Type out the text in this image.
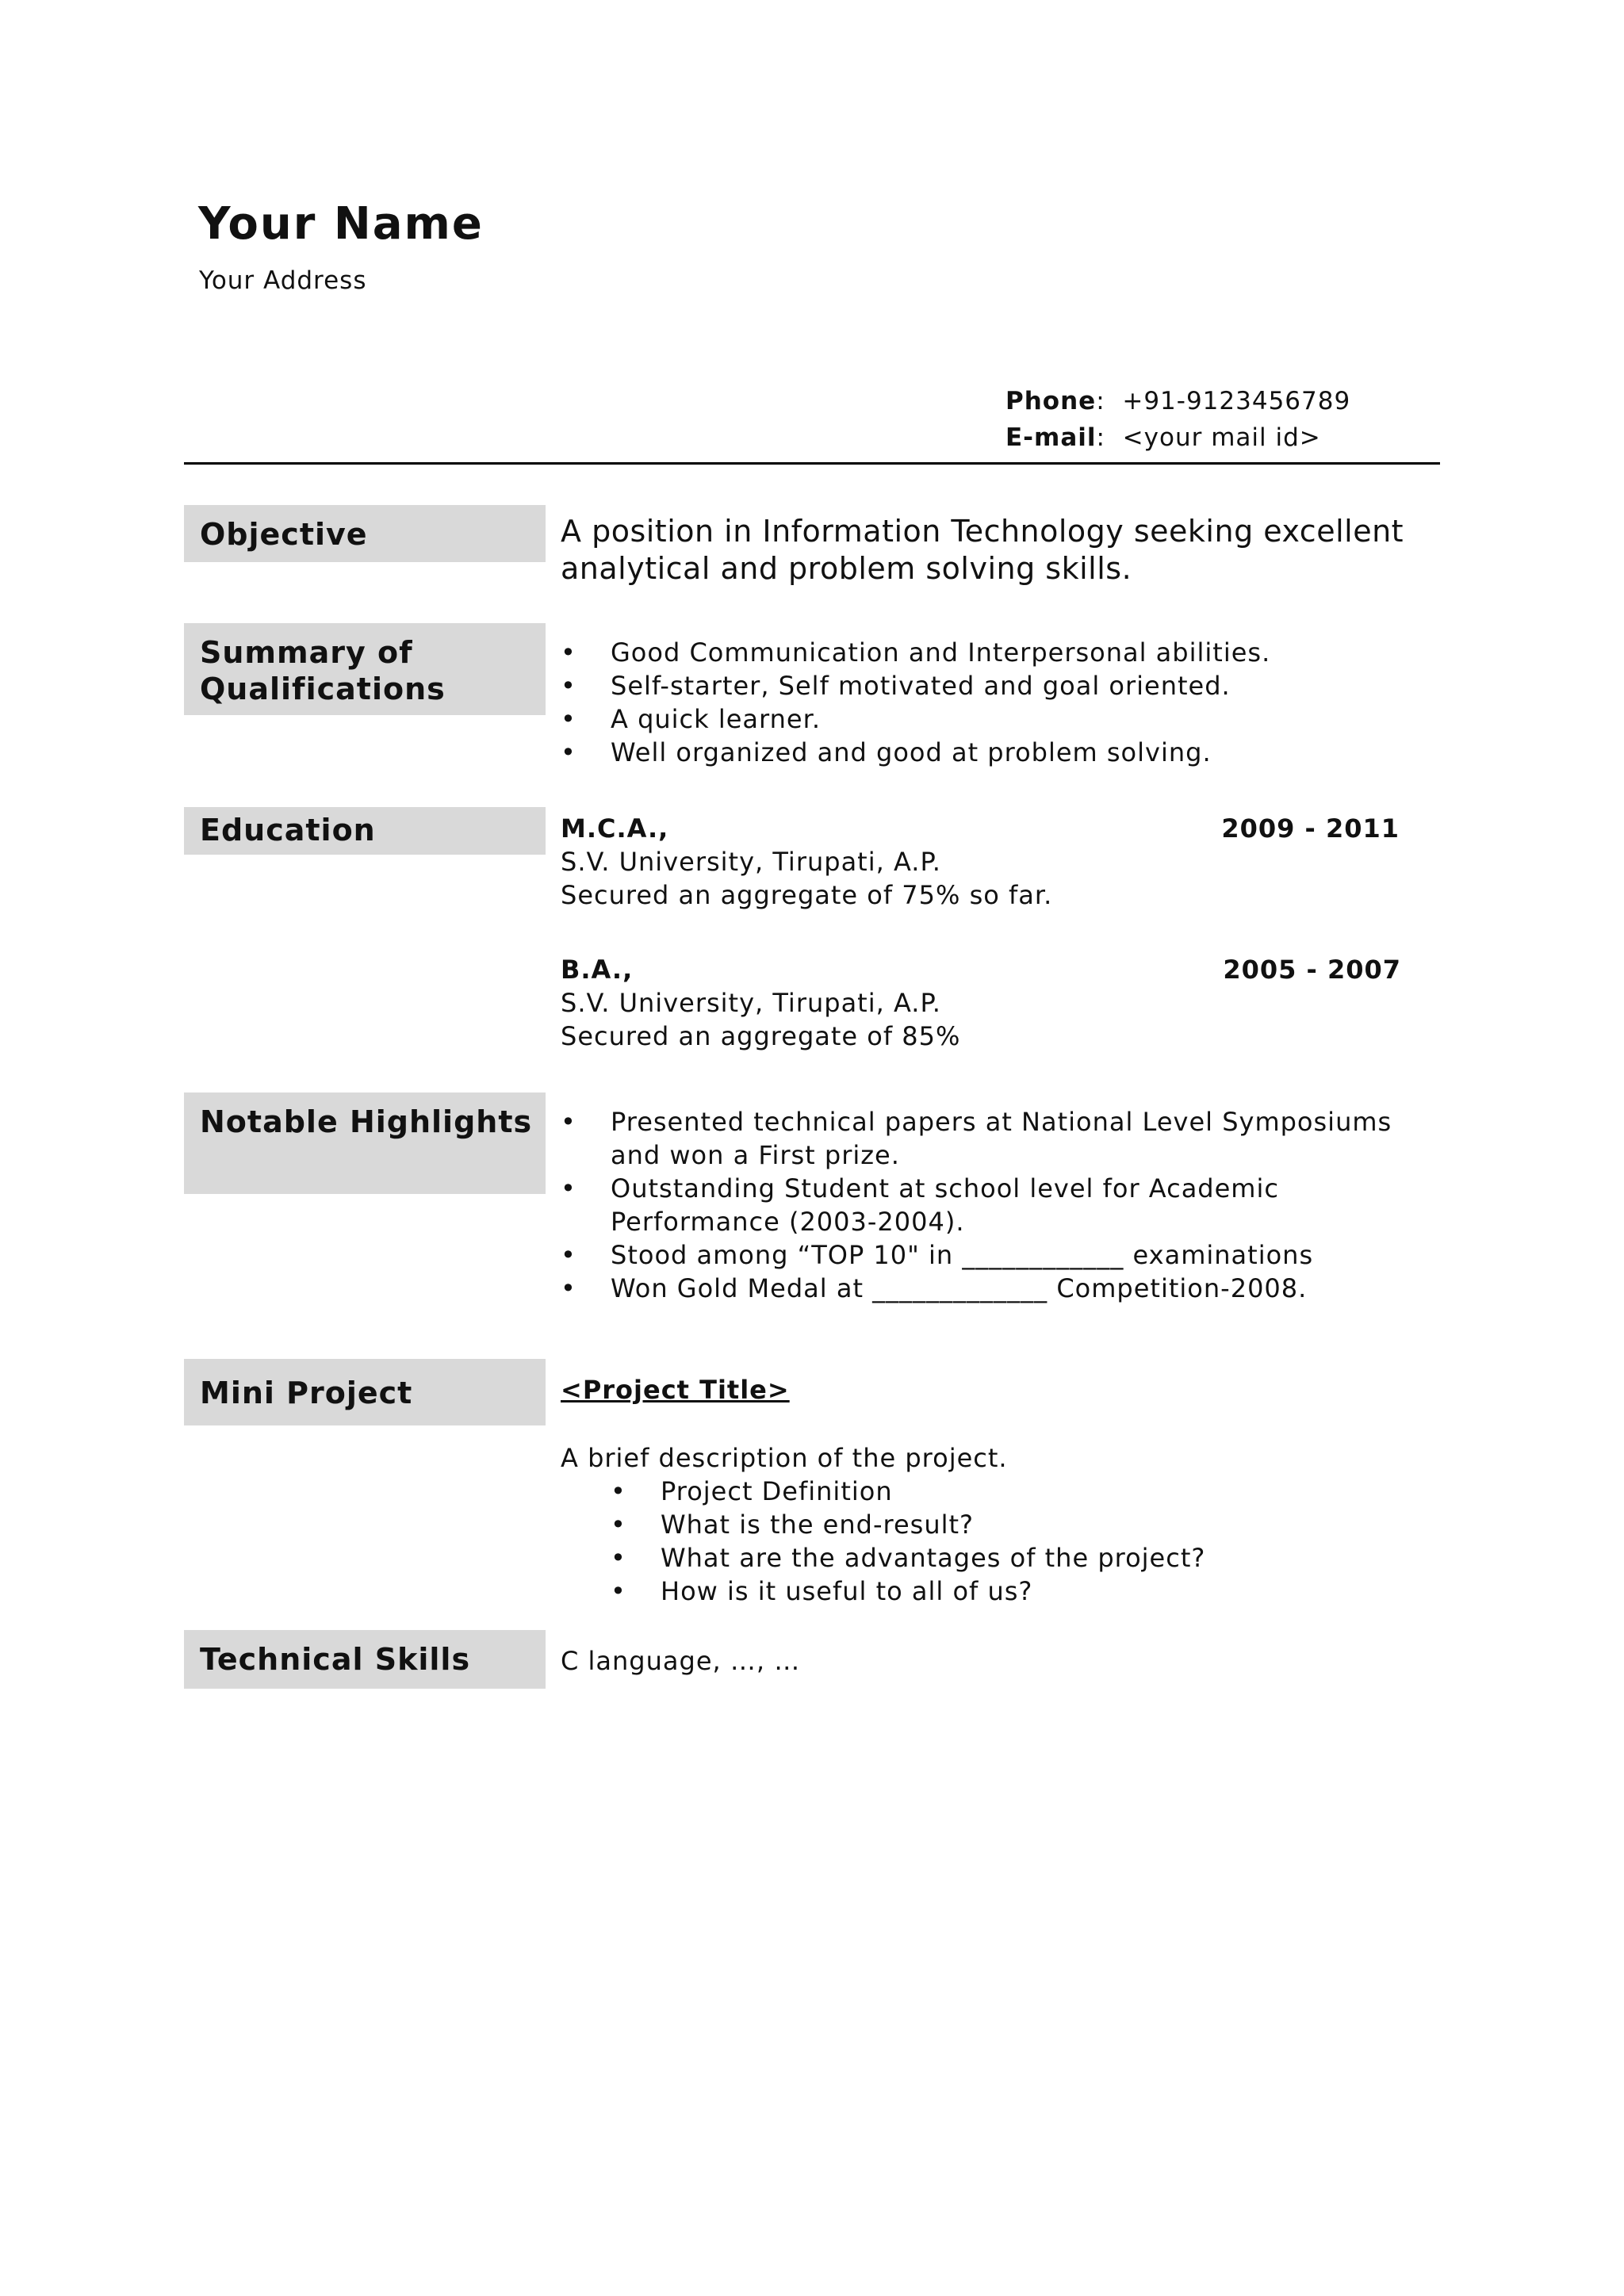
Your Name
Your Address
Phone:  +91-9123456789
E-mail:  <your mail id>
Objective	A position in Information Technology seeking excellent
analytical and problem solving skills.
Summary of
Qualifications
• Good Communication and Interpersonal abilities.
• Self-starter, Self motivated and goal oriented.
• A quick learner.
• Well organized and good at problem solving.
Education	M.C.A.,	2009 - 2011
S.V. University, Tirupati, A.P.
Secured an aggregate of 75% so far.
B.A.,	2005 - 2007
S.V. University, Tirupati, A.P.
Secured an aggregate of 85%
Notable Highlights
•	Presented technical papers at National Level Symposiums
and won a First prize.
• Outstanding Student at school level for Academic
Performance (2003-2004).
• Stood among “TOP 10" in ____________ examinations
• Won Gold Medal at _____________ Competition-2008.
Mini Project	<Project Title>
A brief description of the project.
• Project Definition
• What is the end-result?
• What are the advantages of the project?
• How is it useful to all of us?
Technical Skills	C language, …, …
